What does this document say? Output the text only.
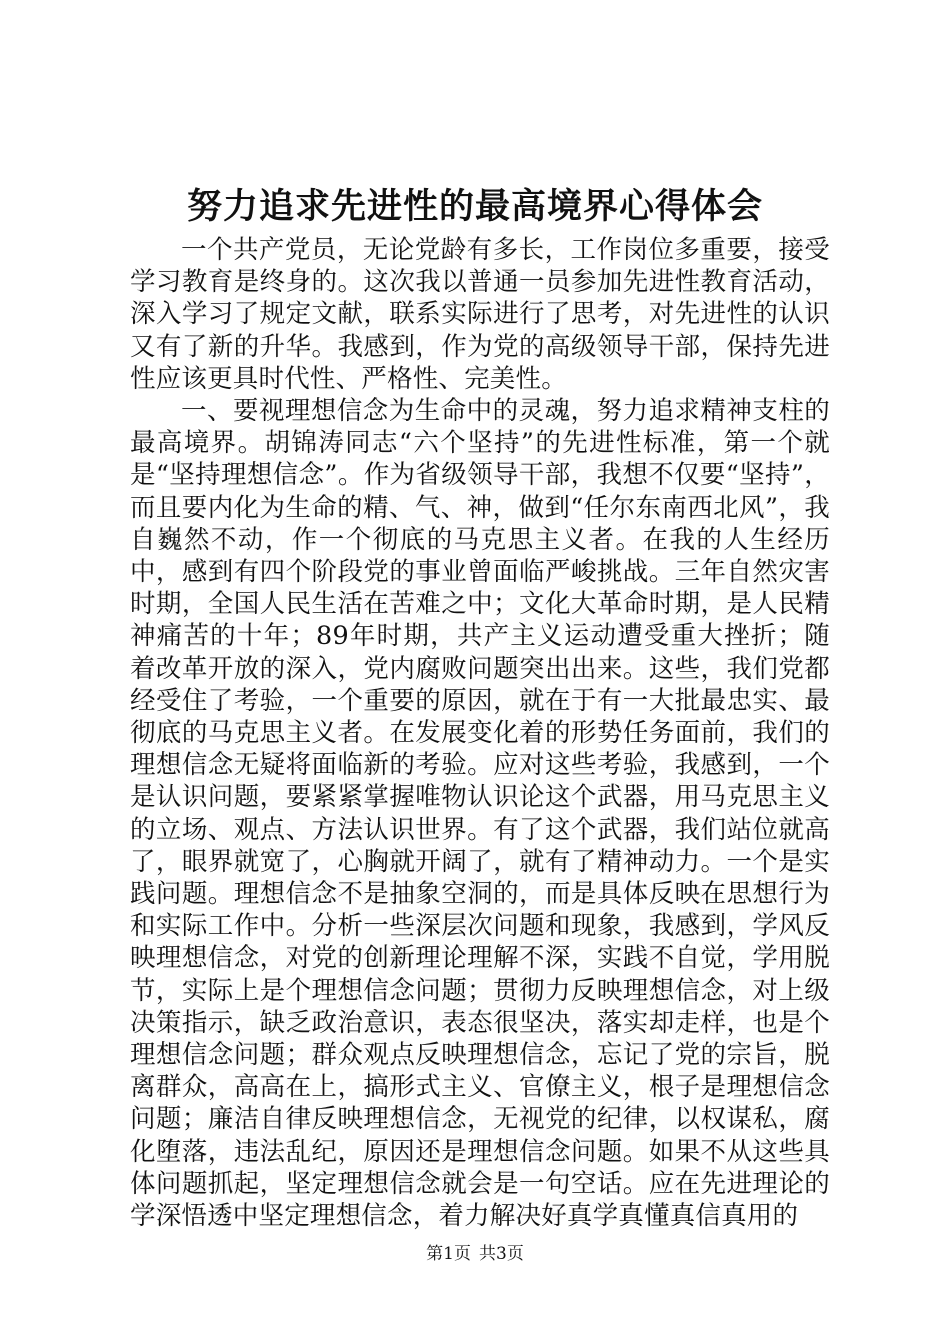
努力追求先进性的最高境界心得体会

一个共产党员，无论党龄有多长，工作岗位多重要，接受学习教育是终身的。这次我以普通一员参加先进性教育活动，深入学习了规定文献，联系实际进行了思考，对先进性的认识又有了新的升华。我感到，作为党的高级领导干部，保持先进性应该更具时代性、严格性、完美性。

一、要视理想信念为生命中的灵魂，努力追求精神支柱的最高境界。胡锦涛同志“六个坚持”的先进性标准，第一个就是“坚持理想信念”。作为省级领导干部，我想不仅要“坚持”，而且要内化为生命的精、气、神，做到“任尔东南西北风”，我自巍然不动，作一个彻底的马克思主义者。在我的人生经历中，感到有四个阶段党的事业曾面临严峻挑战。三年自然灾害时期，全国人民生活在苦难之中；文化大革命时期，是人民精神痛苦的十年；89年时期，共产主义运动遭受重大挫折；随着改革开放的深入，党内腐败问题突出出来。这些，我们党都经受住了考验，一个重要的原因，就在于有一大批最忠实、最彻底的马克思主义者。在发展变化着的形势任务面前，我们的理想信念无疑将面临新的考验。应对这些考验，我感到，一个是认识问题，要紧紧掌握唯物认识论这个武器，用马克思主义的立场、观点、方法认识世界。有了这个武器，我们站位就高了，眼界就宽了，心胸就开阔了，就有了精神动力。一个是实践问题。理想信念不是抽象空洞的，而是具体反映在思想行为和实际工作中。分析一些深层次问题和现象，我感到，学风反映理想信念，对党的创新理论理解不深，实践不自觉，学用脱节，实际上是个理想信念问题；贯彻力反映理想信念，对上级决策指示，缺乏政治意识，表态很坚决，落实却走样，也是个理想信念问题；群众观点反映理想信念，忘记了党的宗旨，脱离群众，高高在上，搞形式主义、官僚主义，根子是理想信念问题；廉洁自律反映理想信念，无视党的纪律，以权谋私，腐化堕落，违法乱纪，原因还是理想信念问题。如果不从这些具体问题抓起，坚定理想信念就会是一句空话。应在先进理论的学深悟透中坚定理想信念，着力解决好真学真懂真信真用的

第1页 共3页
